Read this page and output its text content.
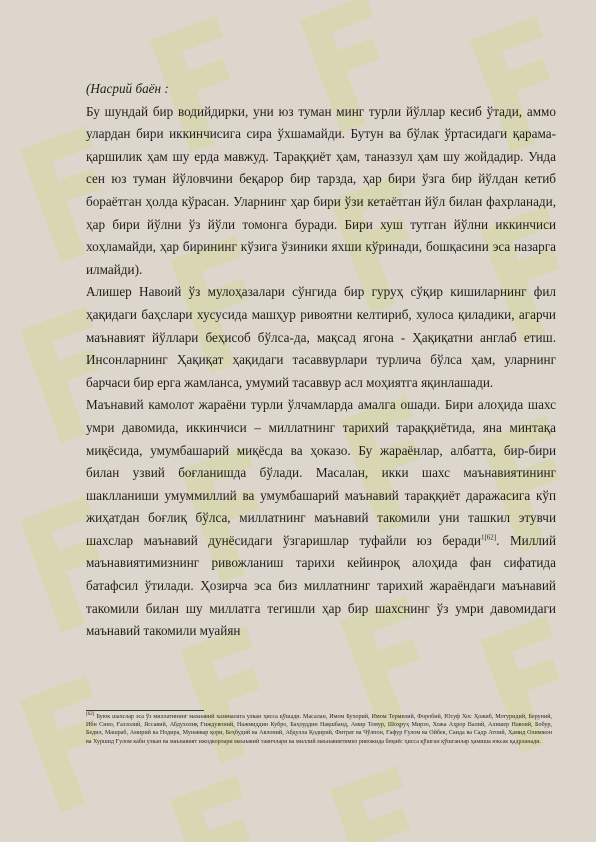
(Насрий баён :

Бу шундай бир водийдирки, уни юз туман минг турли йўллар кесиб ўтади, аммо улардан бири иккинчисига сира ўхшамайди. Бутун ва бўлак ўртасидаги қарама-қаршилик ҳам шу ерда мавжуд. Тараққиёт ҳам, таназзул ҳам шу жойдадир. Унда сен юз туман йўловчини беқарор бир тарзда, ҳар бири ўзга бир йўлдан кетиб бораётган ҳолда кўрасан. Уларнинг ҳар бири ўзи кетаётган йўл билан фахрланади, ҳар бири йўлни ўз йўли томонга буради. Бири хуш тутган йўлни иккинчиси хоҳламайди, ҳар бирининг кўзига ўзиники яхши кўринади, бошқасини эса назарга илмайди).

Алишер Навоий ўз мулоҳазалари сўнгида бир гуруҳ сўқир кишиларнинг фил ҳақидаги баҳслари хусусида машҳур ривоятни келтириб, хулоса қиладики, агарчи маънавият йўллари беҳисоб бўлса-да, мақсад ягона - Ҳақиқатни англаб етиш. Инсонларнинг Ҳақиқат ҳақидаги тасаввурлари турлича бўлса ҳам, уларнинг барчаси бир ерга жамланса, умумий тасаввур асл моҳиятга яқинлашади.

Маънавий камолот жараёни турли ўлчамларда амалга ошади. Бири алоҳида шахс умри давомида, иккинчиси – миллатнинг тарихий тараққиётида, яна минтақа миқёсида, умумбашарий миқёсда ва ҳоказо. Бу жараёнлар, албатта, бир-бири билан узвий боғланишда бўлади. Масалан, икки шахс маънавиятининг шаклланиши умуммиллий ва умумбашарий маънавий тараққиёт даражасига кўп жиҳатдан боғлиқ бўлса, миллатнинг маънавий такомили уни ташкил этувчи шахслар маънавий дунёсидаги ўзгаришлар туфайли юз беради$^{1[62]}$. Миллий маънавиятимизнинг ривожланиш тарихи кейинроқ алоҳида фан сифатида батафсил ўтилади. Ҳозирча эса биз миллатнинг тарихий жараёндаги маънавий такомили билан шу миллатга тегишли ҳар бир шахснинг ўз умри давомидаги маънавий такомили муайян

[62] Буюк шахслар эса ўз миллатининг маънавий хазинасига улкан ҳисса қўшади. Масалан, Имом Бухорий, Имом Термизий, Форобий, Юсуф Хос Ҳожиб, Мотуридий, Беруний, Ибн Сино, Ғаззолий, Яссавий, Абдухолиқ Ғиждувоний, Нажмиддин Кубро, Баҳоуддин Нақшбанд, Амир Темур, Шоҳруҳ Мирзо, Хожа Аҳрор Валий, Алишер Навоий, Бобур, Бедил, Машраб, Амирий ва Нодира, Мунаввар қори, Беҳбудий ва Авлоний, Абдулла Қодирий, Фитрат ва Чўлпон, Ғафур Ғулом ва Ойбек, Саида ва Садр Атоий, Ҳамид Олимжон ва Хуршид Ғулом каби улкан ва маънавият ижодкорлари маънавий таянчлари ва миллий маънавиятимиз ривожида беқиёс ҳисса қўшган қўшганлар ҳамиша юксак қадрланади.
